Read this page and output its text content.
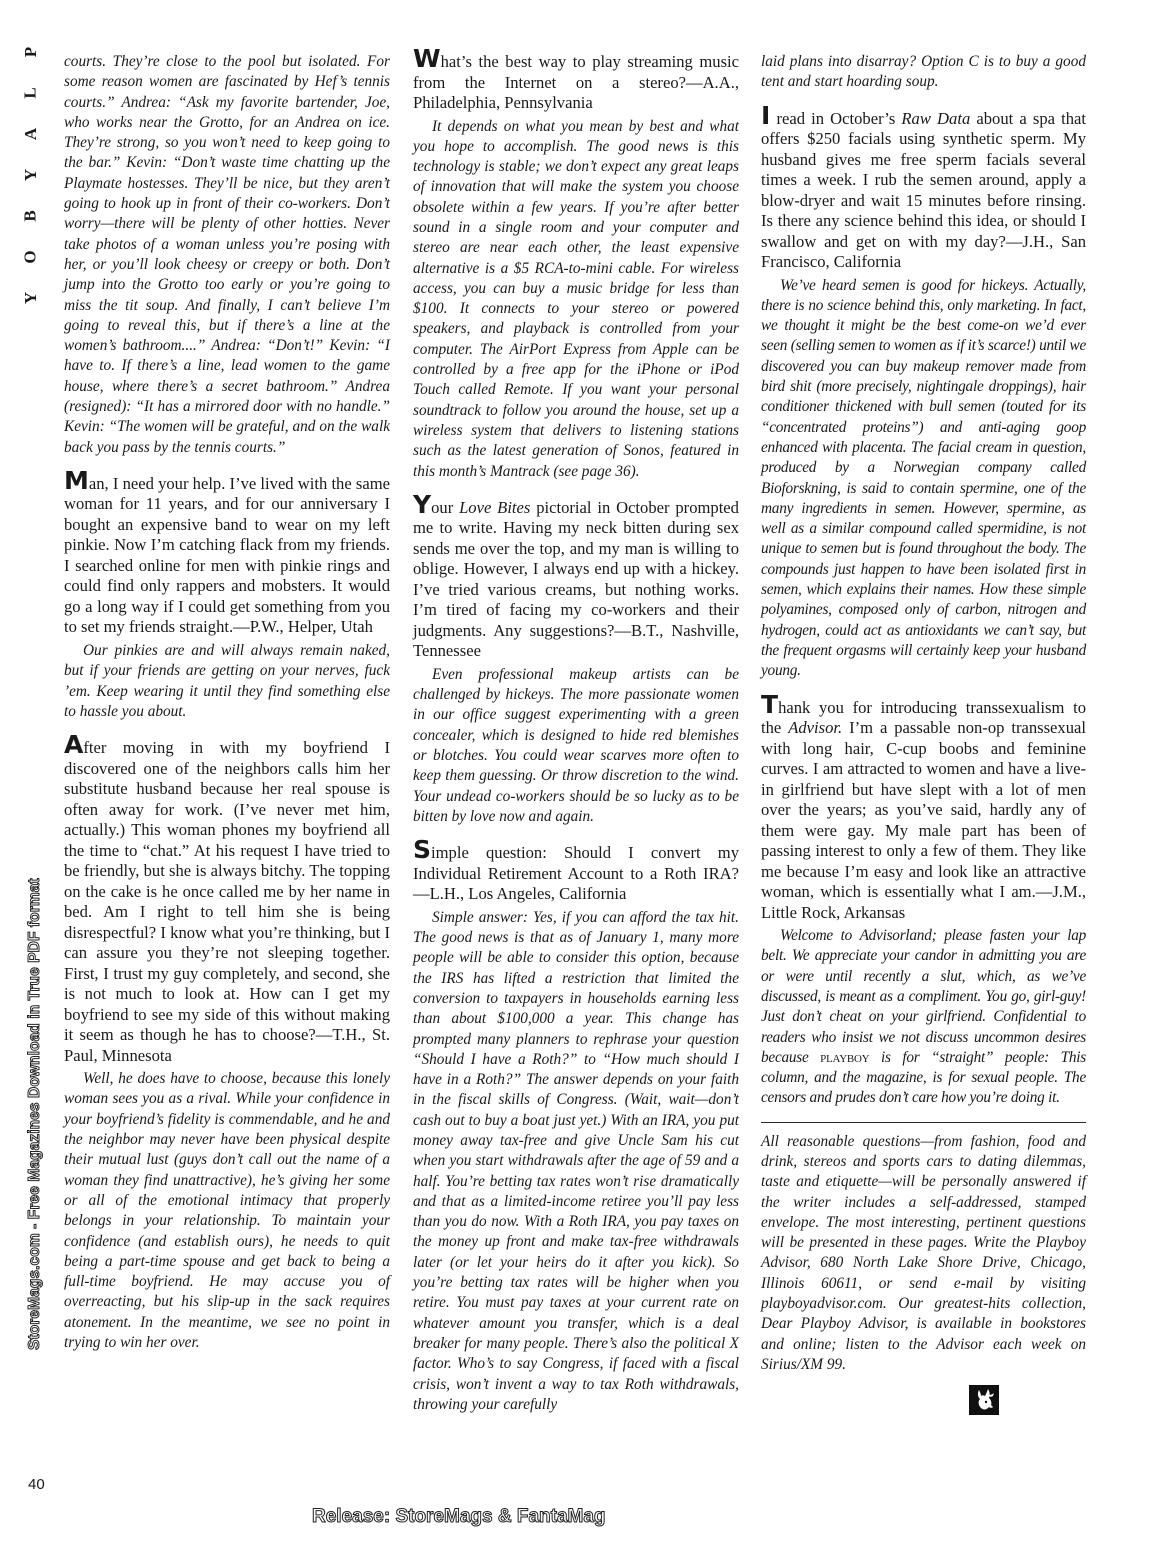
P
L
A
Y
B
O
Y
StoreMags.com - Free Magazines Download in True PDF format

courts. They’re close to the pool but isolated. For some reason women are fascinated by Hef’s tennis courts.” Andrea: “Ask my favorite bartender, Joe, who works near the Grotto, for an Andrea on ice. They’re strong, so you won’t need to keep going to the bar.” Kevin: “Don’t waste time chatting up the Playmate hostesses. They’ll be nice, but they aren’t going to hook up in front of their co-workers. Don’t worry—there will be plenty of other hotties. Never take photos of a woman unless you’re posing with her, or you’ll look cheesy or creepy or both. Don’t jump into the Grotto too early or you’re going to miss the tit soup. And finally, I can’t believe I’m going to reveal this, but if there’s a line at the women’s bathroom....” Andrea: “Don’t!” Kevin: “I have to. If there’s a line, lead women to the game house, where there’s a secret bathroom.” Andrea (resigned): “It has a mirrored door with no handle.” Kevin: “The women will be grateful, and on the walk back you pass by the tennis courts.”

Man, I need your help. I’ve lived with the same woman for 11 years, and for our anniversary I bought an expensive band to wear on my left pinkie. Now I’m catching flack from my friends. I searched online for men with pinkie rings and could find only rappers and mobsters. It would go a long way if I could get something from you to set my friends straight.—P.W., Helper, Utah

Our pinkies are and will always remain naked, but if your friends are getting on your nerves, fuck ’em. Keep wearing it until they find something else to hassle you about.

After moving in with my boyfriend I discovered one of the neighbors calls him her substitute husband because her real spouse is often away for work. (I’ve never met him, actually.) This woman phones my boyfriend all the time to “chat.” At his request I have tried to be friendly, but she is always bitchy. The topping on the cake is he once called me by her name in bed. Am I right to tell him she is being disrespectful? I know what you’re thinking, but I can assure you they’re not sleeping together. First, I trust my guy completely, and second, she is not much to look at. How can I get my boyfriend to see my side of this without making it seem as though he has to choose?—T.H., St. Paul, Minnesota

Well, he does have to choose, because this lonely woman sees you as a rival. While your confidence in your boyfriend’s fidelity is commendable, and he and the neighbor may never have been physical despite their mutual lust (guys don’t call out the name of a woman they find unattractive), he’s giving her some or all of the emotional intimacy that properly belongs in your relationship. To maintain your confidence (and establish ours), he needs to quit being a part-time spouse and get back to being a full-time boyfriend. He may accuse you of overreacting, but his slip-up in the sack requires atonement. In the meantime, we see no point in trying to win her over.

What’s the best way to play streaming music from the Internet on a stereo?—A.A., Philadelphia, Pennsylvania

It depends on what you mean by best and what you hope to accomplish. The good news is this technology is stable; we don’t expect any great leaps of innovation that will make the system you choose obsolete within a few years. If you’re after better sound in a single room and your computer and stereo are near each other, the least expensive alternative is a $5 RCA-to-mini cable. For wireless access, you can buy a music bridge for less than $100. It connects to your stereo or powered speakers, and playback is controlled from your computer. The AirPort Express from Apple can be controlled by a free app for the iPhone or iPod Touch called Remote. If you want your personal soundtrack to follow you around the house, set up a wireless system that delivers to listening stations such as the latest generation of Sonos, featured in this month’s Mantrack (see page 36).

Your Love Bites pictorial in October prompted me to write. Having my neck bitten during sex sends me over the top, and my man is willing to oblige. However, I always end up with a hickey. I’ve tried various creams, but nothing works. I’m tired of facing my co-workers and their judgments. Any suggestions?—B.T., Nashville, Tennessee

Even professional makeup artists can be challenged by hickeys. The more passionate women in our office suggest experimenting with a green concealer, which is designed to hide red blemishes or blotches. You could wear scarves more often to keep them guessing. Or throw discretion to the wind. Your undead co-workers should be so lucky as to be bitten by love now and again.

Simple question: Should I convert my Individual Retirement Account to a Roth IRA?—L.H., Los Angeles, California

Simple answer: Yes, if you can afford the tax hit. The good news is that as of January 1, many more people will be able to consider this option, because the IRS has lifted a restriction that limited the conversion to taxpayers in households earning less than about $100,000 a year. This change has prompted many planners to rephrase your question “Should I have a Roth?” to “How much should I have in a Roth?” The answer depends on your faith in the fiscal skills of Congress. (Wait, wait—don’t cash out to buy a boat just yet.) With an IRA, you put money away tax-free and give Uncle Sam his cut when you start withdrawals after the age of 59 and a half. You’re betting tax rates won’t rise dramatically and that as a limited-income retiree you’ll pay less than you do now. With a Roth IRA, you pay taxes on the money up front and make tax-free withdrawals later (or let your heirs do it after you kick). So you’re betting tax rates will be higher when you retire. You must pay taxes at your current rate on whatever amount you transfer, which is a deal breaker for many people. There’s also the political X factor. Who’s to say Congress, if faced with a fiscal crisis, won’t invent a way to tax Roth withdrawals, throwing your carefully

laid plans into disarray? Option C is to buy a good tent and start hoarding soup.

I read in October’s Raw Data about a spa that offers $250 facials using synthetic sperm. My husband gives me free sperm facials several times a week. I rub the semen around, apply a blow-dryer and wait 15 minutes before rinsing. Is there any science behind this idea, or should I swallow and get on with my day?—J.H., San Francisco, California

We’ve heard semen is good for hickeys. Actually, there is no science behind this, only marketing. In fact, we thought it might be the best come-on we’d ever seen (selling semen to women as if it’s scarce!) until we discovered you can buy makeup remover made from bird shit (more precisely, nightingale droppings), hair conditioner thickened with bull semen (touted for its “concentrated proteins”) and anti-aging goop enhanced with placenta. The facial cream in question, produced by a Norwegian company called Bioforskning, is said to contain spermine, one of the many ingredients in semen. However, spermine, as well as a similar compound called spermidine, is not unique to semen but is found throughout the body. The compounds just happen to have been isolated first in semen, which explains their names. How these simple polyamines, composed only of carbon, nitrogen and hydrogen, could act as antioxidants we can’t say, but the frequent orgasms will certainly keep your husband young.

Thank you for introducing transsexualism to the Advisor. I’m a passable non-op transsexual with long hair, C-cup boobs and feminine curves. I am attracted to women and have a live-in girlfriend but have slept with a lot of men over the years; as you’ve said, hardly any of them were gay. My male part has been of passing interest to only a few of them. They like me because I’m easy and look like an attractive woman, which is essentially what I am.—J.M., Little Rock, Arkansas

Welcome to Advisorland; please fasten your lap belt. We appreciate your candor in admitting you are or were until recently a slut, which, as we’ve discussed, is meant as a compliment. You go, girl-guy! Just don’t cheat on your girlfriend. Confidential to readers who insist we not discuss uncommon desires because playboy is for “straight” people: This column, and the magazine, is for sexual people. The censors and prudes don’t care how you’re doing it.

All reasonable questions—from fashion, food and drink, stereos and sports cars to dating dilemmas, taste and etiquette—will be personally answered if the writer includes a self-addressed, stamped envelope. The most interesting, pertinent questions will be presented in these pages. Write the Playboy Advisor, 680 North Lake Shore Drive, Chicago, Illinois 60611, or send e-mail by visiting playboyadvisor.com. Our greatest-hits collection, Dear Playboy Advisor, is available in bookstores and online; listen to the Advisor each week on Sirius/XM 99.

40
Release: StoreMags & FantaMag
